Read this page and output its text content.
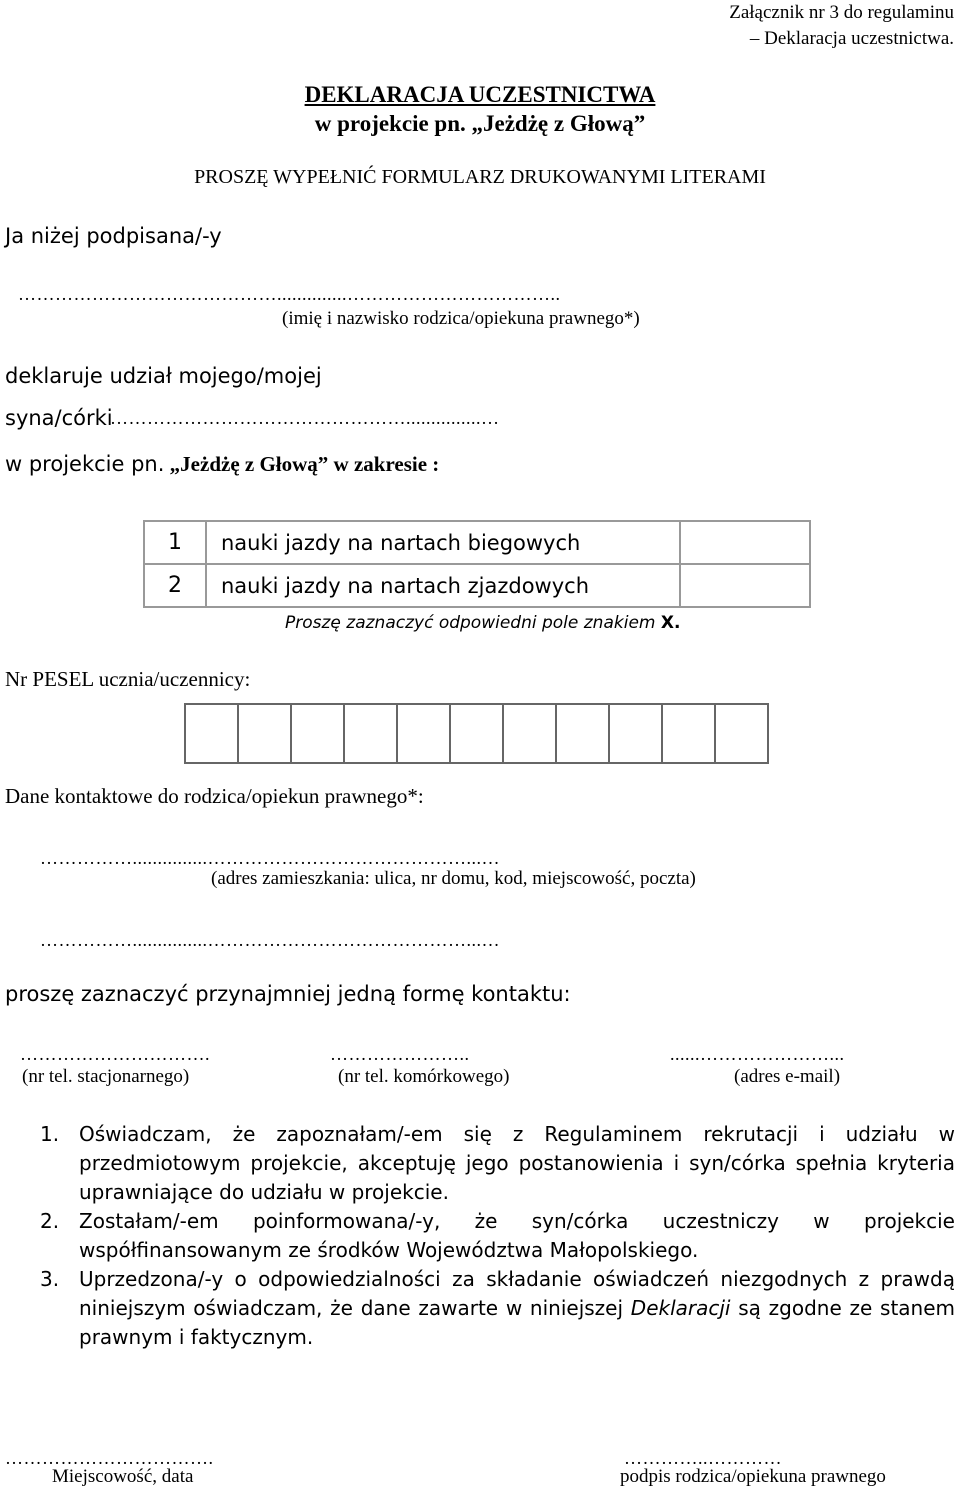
Załącznik nr 3 do regulaminu
– Deklaracja uczestnictwa.
DEKLARACJA UCZESTNICTWA
w projekcie pn. „Jeżdżę z Głową”
PROSZĘ WYPEŁNIĆ FORMULARZ DRUKOWANYMI LITERAMI
Ja niżej podpisana/-y
……………………………………..............……………………………..
(imię i nazwisko rodzica/opiekuna prawnego*)
deklaruje udział mojego/mojej
syna/córki
…………………………………………...............…
w projekcie pn. „Jeżdżę z Głową” w zakresie :
1	nauki jazdy na nartach biegowych	
2	nauki jazdy na nartach zjazdowych	
Proszę zaznaczyć odpowiedni pole znakiem X.
Nr PESEL ucznia/uczennicy:
Dane kontaktowe do rodzica/opiekun prawnego*:
……………...............……………………………………...…
(adres zamieszkania: ulica, nr domu, kod, miejscowość, poczta)
……………...............……………………………………...…
proszę zaznaczyć przynajmniej jedną formę kontaktu:
………………………….	…………………..	......…………………...
(nr tel. stacjonarnego)	(nr tel. komórkowego)	(adres e-mail)
1. Oświadczam, że zapoznałam/-em się z Regulaminem rekrutacji i udziału w przedmiotowym projekcie, akceptuję jego postanowienia i syn/córka spełnia kryteria uprawniające do udziału w projekcie.
2. Zostałam/-em poinformowana/-y, że syn/córka uczestniczy w projekcie współfinansowanym ze środków Województwa Małopolskiego.
3. Uprzedzona/-y o odpowiedzialności za składanie oświadczeń niezgodnych z prawdą niniejszym oświadczam, że dane zawarte w niniejszej Deklaracji są zgodne ze stanem prawnym i faktycznym.
…………………………….
Miejscowość, data
…………..…………
podpis rodzica/opiekuna prawnego
